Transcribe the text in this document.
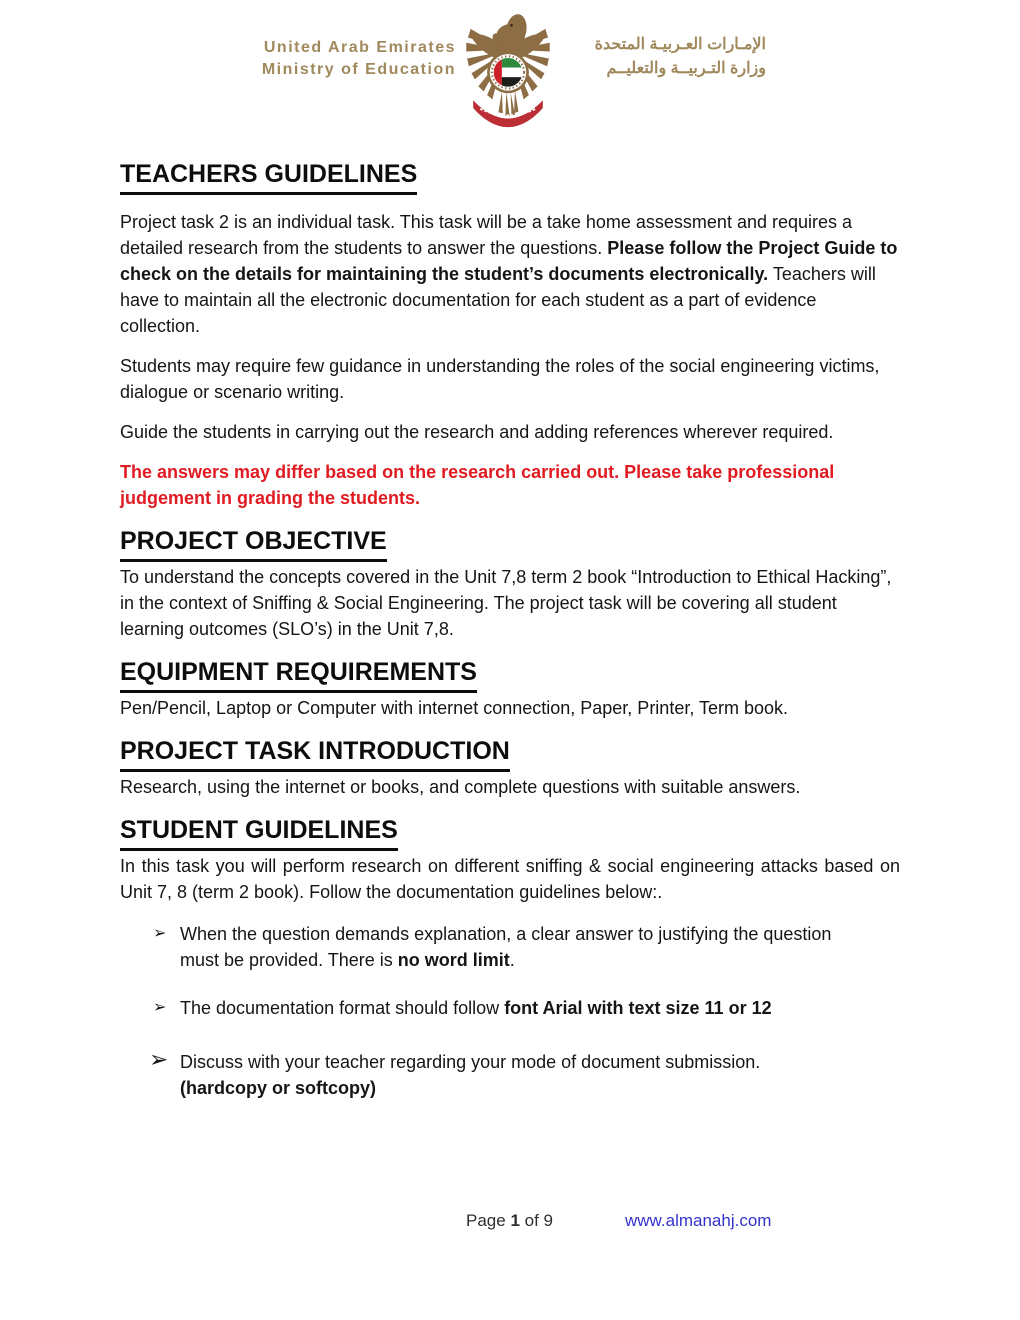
United Arab Emirates
Ministry of Education
الإمـارات العـربيـة المتحدة
وزارة التـربيــة والتعليــم
TEACHERS GUIDELINES

Project task 2 is an individual task. This task will be a take home assessment and requires a detailed research from the students to answer the questions. Please follow the Project Guide to check on the details for maintaining the student’s documents electronically. Teachers will have to maintain all the electronic documentation for each student as a part of evidence collection.

Students may require few guidance in understanding the roles of the social engineering victims, dialogue or scenario writing.

Guide the students in carrying out the research and adding references wherever required.

The answers may differ based on the research carried out. Please take professional judgement in grading the students.

PROJECT OBJECTIVE

To understand the concepts covered in the Unit 7,8 term 2 book “Introduction to Ethical Hacking”, in the context of Sniffing & Social Engineering. The project task will be covering all student learning outcomes (SLO’s) in the Unit 7,8.

EQUIPMENT REQUIREMENTS

Pen/Pencil, Laptop or Computer with internet connection, Paper, Printer, Term book.

PROJECT TASK INTRODUCTION

Research, using the internet or books, and complete questions with suitable answers.

STUDENT GUIDELINES

In this task you will perform research on different sniffing & social engineering attacks based on Unit 7, 8 (term 2 book). Follow the documentation guidelines below:.

➢ When the question demands explanation, a clear answer to justifying the question must be provided. There is no word limit.
➢ The documentation format should follow font Arial with text size 11 or 12
➢ Discuss with your teacher regarding your mode of document submission.
(hardcopy or softcopy)
Page 1 of 9	www.almanahj.com
